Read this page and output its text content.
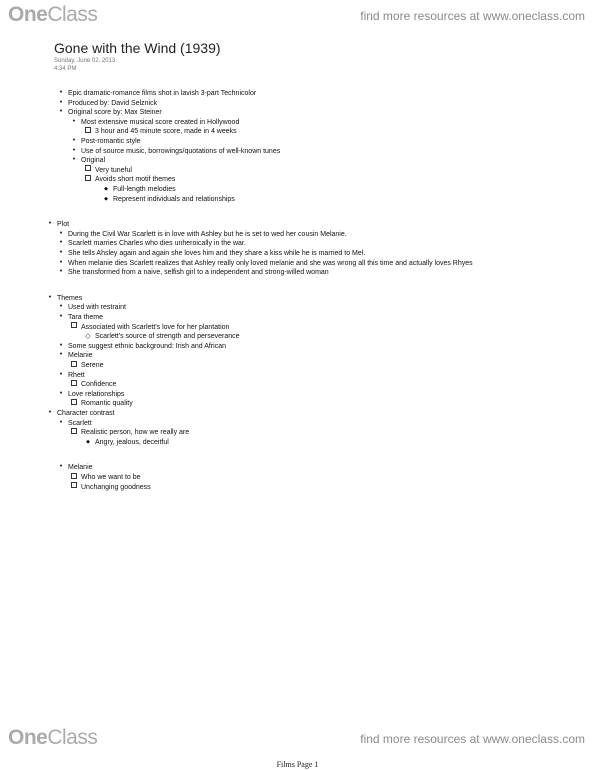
OneClass	find more resources at www.oneclass.com
Gone with the Wind (1939)
Sunday, June 02, 2013
4:34 PM
•
Epic dramatic-romance films shot in lavish 3-part Technicolor
•
Produced by: David Selznick
•
Original score by: Max Steiner
•
Most extensive musical score created in Hollywood
3 hour and 45 minute score, made in 4 weeks
•
Post-romantic style
•
Use of source music, borrowings/quotations of well-known tunes
•
Original
Very tuneful
Avoids short motif themes
◆
Full-length melodies
◆
Represent individuals and relationships
•
Plot
•
During the Civil War Scarlett is in love with Ashley but he is set to wed her cousin Melanie.
•
Scarlett marries Charles who dies unheroically in the war.
•
She tells Ahsley again and again she loves him and they share a kiss while he is married to Mel.
•
When melanie dies Scarlett realizes that Ashley really only loved melanie and she was wrong all this time and actually loves Rhyes
•
She transformed from a naive, selfish girl to a independent and strong-willed woman
•
Themes
•
Used with restraint
•
Tara theme
Associated with Scarlett's love for her plantation
◇
Scarlett's source of strength and perseverance
•
Some suggest ethnic background: Irish and African
•
Melanie
Serene
•
Rhett
Confidence
•
Love relationships
Romantic quality
•
Character contrast
•
Scarlett
Realistic person, how we really are
◆
Angry, jealous, deceitful
•
Melanie
Who we want to be
Unchanging goodness
OneClass	find more resources at www.oneclass.com
Films Page 1
